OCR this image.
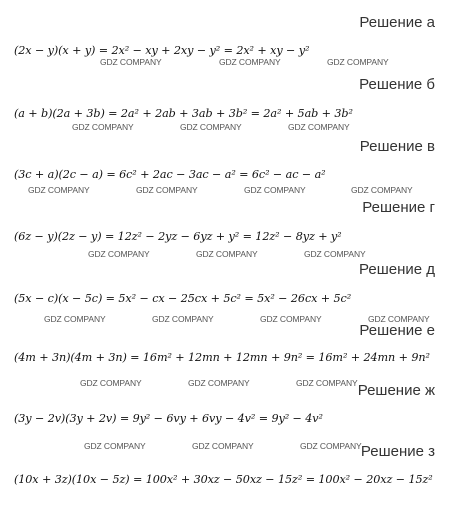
Решение а
Решение б
Решение в
Решение г
Решение д
Решение е
Решение ж
Решение з
(2x − y)(x + y) = 2x² − xy + 2xy − y² = 2x² + xy − y²
(a + b)(2a + 3b) = 2a² + 2ab + 3ab + 3b² = 2a² + 5ab + 3b²
(3c + a)(2c − a) = 6c² + 2ac − 3ac − a² = 6c² − ac − a²
(6z − y)(2z − y) = 12z² − 2yz − 6yz + y² = 12z² − 8yz + y²
(5x − c)(x − 5c) = 5x² − cx − 25cx + 5c² = 5x² − 26cx + 5c²
(4m + 3n)(4m + 3n) = 16m² + 12mn + 12mn + 9n² = 16m² + 24mn + 9n²
(3y − 2v)(3y + 2v) = 9y² − 6vy + 6vy − 4v² = 9y² − 4v²
(10x + 3z)(10x − 5z) = 100x² + 30xz − 50xz − 15z² = 100x² − 20xz − 15z²
GDZ COMPANY	GDZ COMPANY	GDZ COMPANY
GDZ COMPANY	GDZ COMPANY	GDZ COMPANY
GDZ COMPANY	GDZ COMPANY	GDZ COMPANY	GDZ COMPANY
GDZ COMPANY	GDZ COMPANY	GDZ COMPANY
GDZ COMPANY	GDZ COMPANY	GDZ COMPANY	GDZ COMPANY
GDZ COMPANY	GDZ COMPANY	GDZ COMPANY
GDZ COMPANY	GDZ COMPANY	GDZ COMPANY
